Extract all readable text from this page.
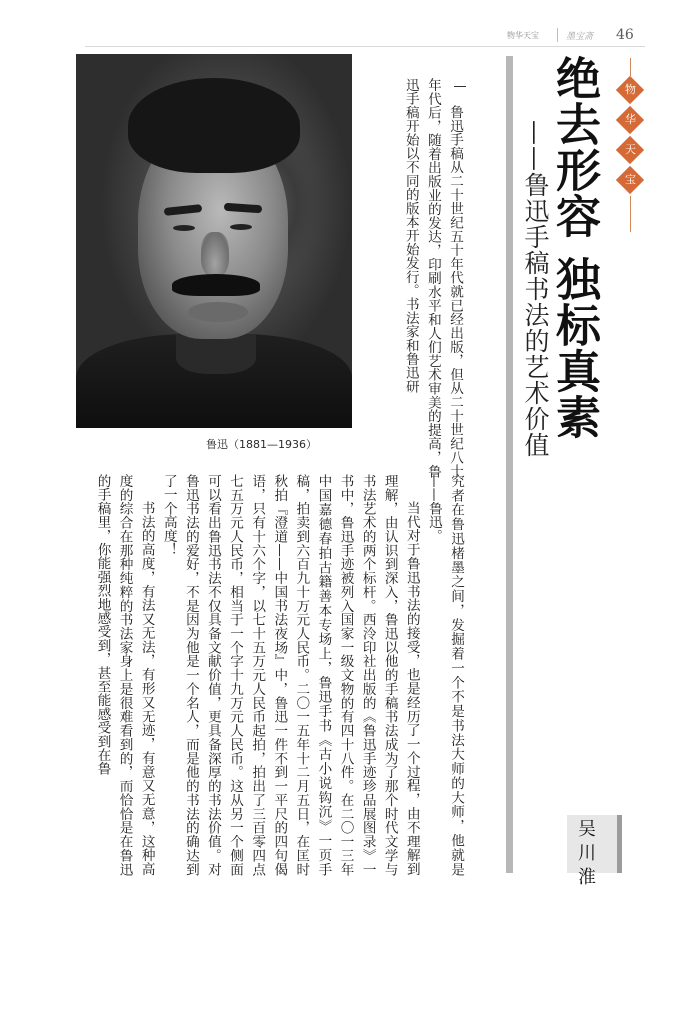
物华天宝	墨宝斋 46
绝去形容 独标真素
——鲁迅手稿书法的艺术价值
物
华
天
宝
吴川淮
鲁迅（1881—1936）	鲁迅手稿从二十世纪五十年代就已经出版，但从二十世纪八十年代后，随着出版业的发达，印刷水平和人们艺术审美的提高，鲁迅手稿开始以不同的版本开始发行。书法家和鲁迅研
究者在鲁迅楮墨之间，发掘着一个不是书法大师的大师，他就是——鲁迅。
当代对于鲁迅书法的接受，也是经历了一个过程，由不理解到理解，由认识到深入，鲁迅以他的手稿书法成为了那个时代文学与书法艺术的两个标杆。西泠印社出版的《鲁迅手迹珍品展图录》一书中，鲁迅手迹被列入国家一级文物的有四十八件。在二〇一三年中国嘉德春拍古籍善本专场上，鲁迅手书《古小说钩沉》一页手稿，拍卖到六百九十万元人民币。二〇一五年十二月五日，在匡时秋拍『澄道——中国书法夜场』中，鲁迅一件不到一平尺的四句偈语，只有十六个字，以七十五万元人民币起拍，拍出了三百零四点七五万元人民币，相当于一个字十九万元人民币。这从另一个侧面可以看出鲁迅书法不仅具备文献价值，更具备深厚的书法价值。对鲁迅书法的爱好，不是因为他是一个名人，而是他的书法的确达到了一个高度！
书法的高度，有法又无法，有形又无迹，有意又无意，这种高度的综合在那种纯粹的书法家身上是很难看到的，而恰恰是在鲁迅的手稿里，你能强烈地感受到，甚至能感受到在鲁
